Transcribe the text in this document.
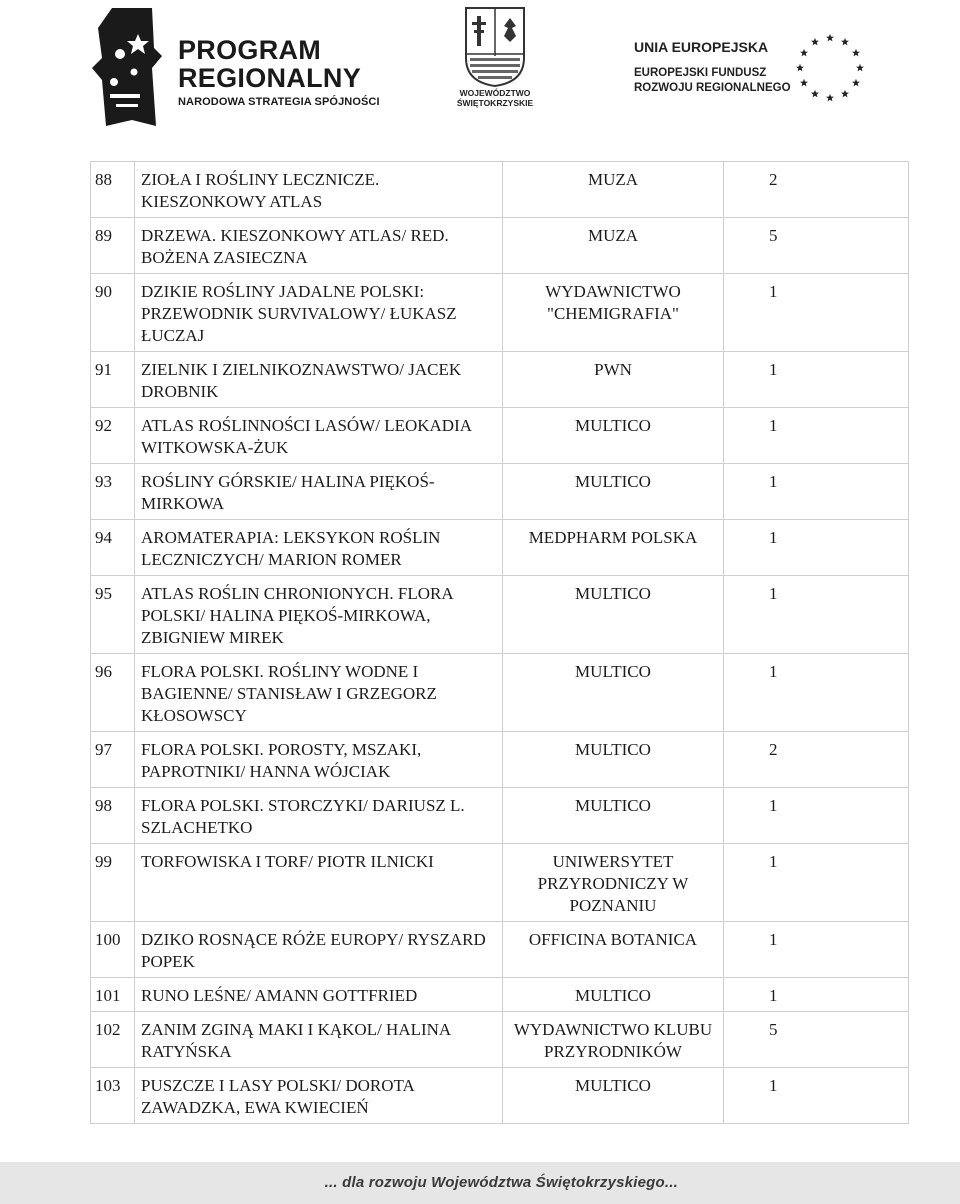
PROGRAM
REGIONALNY
NARODOWA STRATEGIA SPÓJNOŚCI
WOJEWÓDZTWO
ŚWIĘTOKRZYSKIE
UNIA EUROPEJSKA
EUROPEJSKI FUNDUSZ
ROZWOJU REGIONALNEGO
88	ZIOŁA I ROŚLINY LECZNICZE. KIESZONKOWY ATLAS	MUZA	2

89	DRZEWA. KIESZONKOWY ATLAS/ RED. BOŻENA ZASIECZNA	MUZA	5

90	DZIKIE ROŚLINY JADALNE POLSKI: PRZEWODNIK SURVIVALOWY/ ŁUKASZ ŁUCZAJ	WYDAWNICTWO "CHEMIGRAFIA"	1

91	ZIELNIK I ZIELNIKOZNAWSTWO/ JACEK DROBNIK	PWN	1

92	ATLAS ROŚLINNOŚCI LASÓW/ LEOKADIA WITKOWSKA-ŻUK	MULTICO	1

93	ROŚLINY GÓRSKIE/ HALINA PIĘKOŚ-MIRKOWA	MULTICO	1

94	AROMATERAPIA: LEKSYKON ROŚLIN LECZNICZYCH/ MARION ROMER	MEDPHARM POLSKA	1

95	ATLAS ROŚLIN CHRONIONYCH. FLORA POLSKI/ HALINA PIĘKOŚ-MIRKOWA, ZBIGNIEW MIREK	MULTICO	1

96	FLORA POLSKI. ROŚLINY WODNE I BAGIENNE/ STANISŁAW I GRZEGORZ KŁOSOWSCY	MULTICO	1

97	FLORA POLSKI. POROSTY, MSZAKI, PAPROTNIKI/ HANNA WÓJCIAK	MULTICO	2

98	FLORA POLSKI. STORCZYKI/ DARIUSZ L. SZLACHETKO	MULTICO	1

99	TORFOWISKA I TORF/ PIOTR ILNICKI	UNIWERSYTET PRZYRODNICZY W POZNANIU	1

100	DZIKO ROSNĄCE RÓŻE EUROPY/ RYSZARD POPEK	OFFICINA BOTANICA	1

101	RUNO LEŚNE/ AMANN GOTTFRIED	MULTICO	1

102	ZANIM ZGINĄ MAKI I KĄKOL/ HALINA RATYŃSKA	WYDAWNICTWO KLUBU PRZYRODNIKÓW	5

103	PUSZCZE I LASY POLSKI/ DOROTA ZAWADZKA, EWA KWIECIEŃ	MULTICO	1
... dla rozwoju Województwa Świętokrzyskiego...
